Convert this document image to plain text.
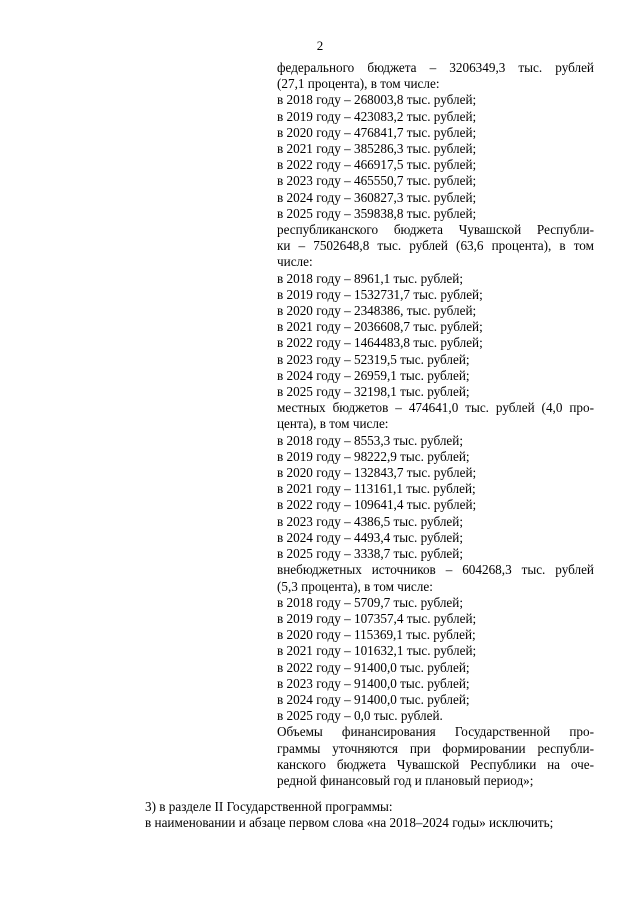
2
федерального бюджета – 3206349,3 тыс. рублей
(27,1 процента), в том числе:
в 2018 году – 268003,8 тыс. рублей;
в 2019 году – 423083,2 тыс. рублей;
в 2020 году – 476841,7 тыс. рублей;
в 2021 году – 385286,3 тыс. рублей;
в 2022 году – 466917,5 тыс. рублей;
в 2023 году – 465550,7 тыс. рублей;
в 2024 году – 360827,3 тыс. рублей;
в 2025 году – 359838,8 тыс. рублей;
республиканского бюджета Чувашской Республи-
ки – 7502648,8 тыс. рублей (63,6 процента), в том
числе:
в 2018 году – 8961,1 тыс. рублей;
в 2019 году – 1532731,7 тыс. рублей;
в 2020 году – 2348386, тыс. рублей;
в 2021 году – 2036608,7 тыс. рублей;
в 2022 году – 1464483,8 тыс. рублей;
в 2023 году – 52319,5 тыс. рублей;
в 2024 году – 26959,1 тыс. рублей;
в 2025 году – 32198,1 тыс. рублей;
местных бюджетов – 474641,0 тыс. рублей (4,0 про-
цента), в том числе:
в 2018 году – 8553,3 тыс. рублей;
в 2019 году – 98222,9 тыс. рублей;
в 2020 году – 132843,7 тыс. рублей;
в 2021 году – 113161,1 тыс. рублей;
в 2022 году – 109641,4 тыс. рублей;
в 2023 году – 4386,5 тыс. рублей;
в 2024 году – 4493,4 тыс. рублей;
в 2025 году – 3338,7 тыс. рублей;
внебюджетных источников – 604268,3 тыс. рублей
(5,3 процента), в том числе:
в 2018 году – 5709,7 тыс. рублей;
в 2019 году – 107357,4 тыс. рублей;
в 2020 году – 115369,1 тыс. рублей;
в 2021 году – 101632,1 тыс. рублей;
в 2022 году – 91400,0 тыс. рублей;
в 2023 году – 91400,0 тыс. рублей;
в 2024 году – 91400,0 тыс. рублей;
в 2025 году – 0,0 тыс. рублей.
Объемы финансирования Государственной про-
граммы уточняются при формировании республи-
канского бюджета Чувашской Республики на оче-
редной финансовый год и плановый период»;
3) в разделе II Государственной программы:
в наименовании и абзаце первом слова «на 2018–2024 годы» исключить;
